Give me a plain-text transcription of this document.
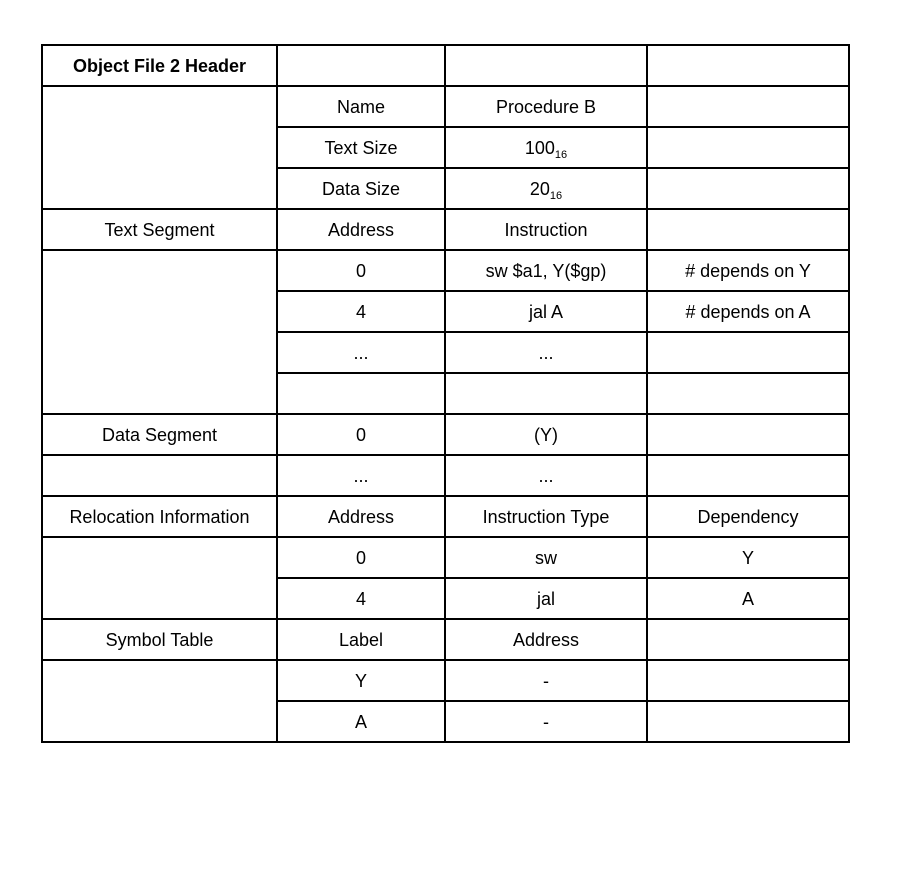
Object File 2 Header			
	Name	Procedure B	
	Text Size	$100_{16}$	
	Data Size	$20_{16}$	
Text Segment	Address	Instruction	
	0	sw $a1, Y($gp)	# depends on Y
	4	jal A	# depends on A
	...	...	

Data Segment	0	(Y)	
	...	...	
Relocation Information	Address	Instruction Type	Dependency
	0	sw	Y
	4	jal	A
Symbol Table	Label	Address	
	Y	-	
	A	-	
